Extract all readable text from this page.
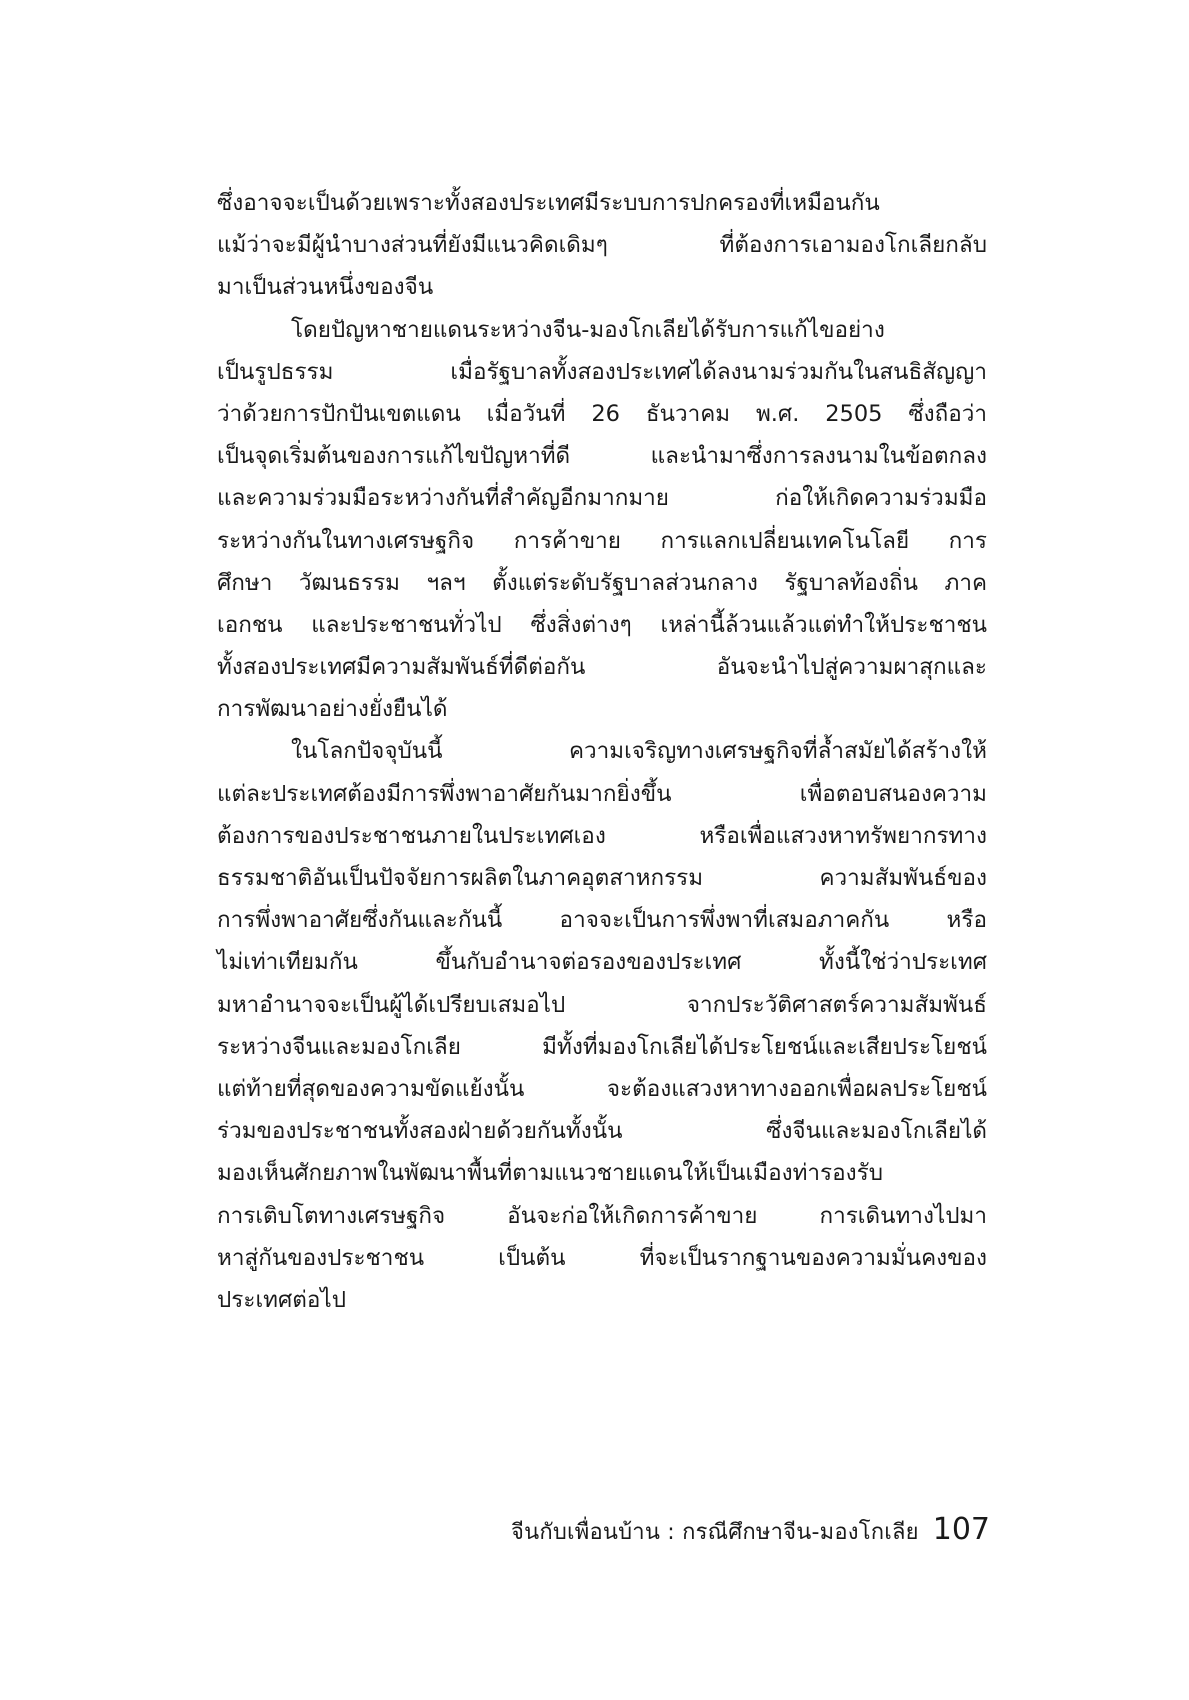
ซึ่งอาจจะเป็นด้วยเพราะทั้งสองประเทศมีระบบการปกครองที่เหมือนกัน
แม้ว่าจะมีผู้นำบางส่วนที่ยังมีแนวคิดเดิมๆ ที่ต้องการเอามองโกเลียกลับ
มาเป็นส่วนหนึ่งของจีน
โดยปัญหาชายแดนระหว่างจีน-มองโกเลียได้รับการแก้ไขอย่าง
เป็นรูปธรรม เมื่อรัฐบาลทั้งสองประเทศได้ลงนามร่วมกันในสนธิสัญญา
ว่าด้วยการปักปันเขตแดน เมื่อวันที่ 26 ธันวาคม พ.ศ. 2505 ซึ่งถือว่า
เป็นจุดเริ่มต้นของการแก้ไขปัญหาที่ดี และนำมาซึ่งการลงนามในข้อตกลง
และความร่วมมือระหว่างกันที่สำคัญอีกมากมาย ก่อให้เกิดความร่วมมือ
ระหว่างกันในทางเศรษฐกิจ การค้าขาย การแลกเปลี่ยนเทคโนโลยี การ
ศึกษา วัฒนธรรม ฯลฯ ตั้งแต่ระดับรัฐบาลส่วนกลาง รัฐบาลท้องถิ่น ภาค
เอกชน และประชาชนทั่วไป ซึ่งสิ่งต่างๆ เหล่านี้ล้วนแล้วแต่ทำให้ประชาชน
ทั้งสองประเทศมีความสัมพันธ์ที่ดีต่อกัน อันจะนำไปสู่ความผาสุกและ
การพัฒนาอย่างยั่งยืนได้
ในโลกปัจจุบันนี้ ความเจริญทางเศรษฐกิจที่ล้ำสมัยได้สร้างให้
แต่ละประเทศต้องมีการพึ่งพาอาศัยกันมากยิ่งขึ้น เพื่อตอบสนองความ
ต้องการของประชาชนภายในประเทศเอง หรือเพื่อแสวงหาทรัพยากรทาง
ธรรมชาติอันเป็นปัจจัยการผลิตในภาคอุตสาหกรรม ความสัมพันธ์ของ
การพึ่งพาอาศัยซึ่งกันและกันนี้ อาจจะเป็นการพึ่งพาที่เสมอภาคกัน หรือ
ไม่เท่าเทียมกัน ขึ้นกับอำนาจต่อรองของประเทศ ทั้งนี้ใช่ว่าประเทศ
มหาอำนาจจะเป็นผู้ได้เปรียบเสมอไป จากประวัติศาสตร์ความสัมพันธ์
ระหว่างจีนและมองโกเลีย มีทั้งที่มองโกเลียได้ประโยชน์และเสียประโยชน์
แต่ท้ายที่สุดของความขัดแย้งนั้น จะต้องแสวงหาทางออกเพื่อผลประโยชน์
ร่วมของประชาชนทั้งสองฝ่ายด้วยกันทั้งนั้น ซึ่งจีนและมองโกเลียได้
มองเห็นศักยภาพในพัฒนาพื้นที่ตามแนวชายแดนให้เป็นเมืองท่ารองรับ
การเติบโตทางเศรษฐกิจ อันจะก่อให้เกิดการค้าขาย การเดินทางไปมา
หาสู่กันของประชาชน เป็นต้น ที่จะเป็นรากฐานของความมั่นคงของ
ประเทศต่อไป
จีนกับเพื่อนบ้าน : กรณีศึกษาจีน-มองโกเลีย 107
